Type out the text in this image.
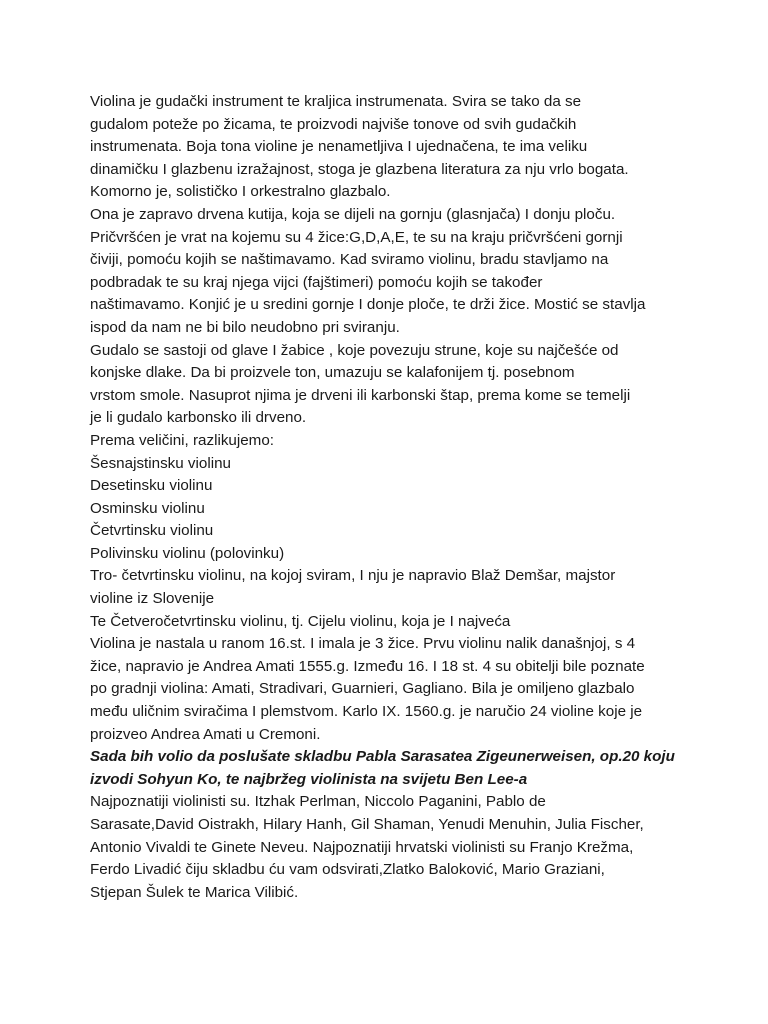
Violina je gudački instrument te kraljica instrumenata. Svira se tako da se
gudalom poteže po žicama, te proizvodi najviše tonove od svih gudačkih
instrumenata. Boja tona violine je nenametljiva I ujednačena, te ima veliku
dinamičku I glazbenu izražajnost, stoga je glazbena literatura za nju vrlo bogata.
Komorno je, solističko I orkestralno glazbalo.
Ona je zapravo drvena kutija, koja se dijeli na gornju (glasnjača) I donju ploču.
Pričvršćen je vrat na kojemu su 4 žice:G,D,A,E, te su na kraju pričvršćeni gornji
čiviji, pomoću kojih se naštimavamo. Kad sviramo violinu, bradu stavljamo na
podbradak te su kraj njega vijci (fajštimeri) pomoću kojih se također
naštimavamo. Konjić je u sredini gornje I donje ploče, te drži žice. Mostić se stavlja
ispod da nam ne bi bilo neudobno pri sviranju.
Gudalo se sastoji od glave I žabice , koje povezuju strune, koje su najčešće od
konjske dlake. Da bi proizvele ton, umazuju se kalafonijem tj. posebnom
vrstom smole. Nasuprot njima je drveni ili karbonski štap, prema kome se temelji
je li gudalo karbonsko ili drveno.
Prema veličini, razlikujemo:
Šesnajstinsku violinu
Desetinsku violinu
Osminsku violinu
Četvrtinsku violinu
Polivinsku violinu (polovinku)
Tro- četvrtinsku violinu, na kojoj sviram, I nju je napravio Blaž Demšar, majstor
violine iz Slovenije
Te Četveročetvrtinsku violinu, tj. Cijelu violinu, koja je I najveća
Violina je nastala u ranom 16.st. I imala je 3 žice. Prvu violinu nalik današnjoj, s 4
žice, napravio je Andrea Amati 1555.g. Između 16. I 18 st. 4 su obitelji bile poznate
po gradnji violina: Amati, Stradivari, Guarnieri, Gagliano. Bila je omiljeno glazbalo
među uličnim sviračima I plemstvom. Karlo IX. 1560.g. je naručio 24 violine koje je
proizveo Andrea Amati u Cremoni.
Sada bih volio da poslušate skladbu Pabla Sarasatea Zigeunerweisen, op.20 koju
izvodi Sohyun Ko, te najbržeg violinista na svijetu Ben Lee-a
Najpoznatiji violinisti su. Itzhak Perlman, Niccolo Paganini, Pablo de
Sarasate,David Oistrakh, Hilary Hanh, Gil Shaman, Yenudi Menuhin, Julia Fischer,
Antonio Vivaldi te Ginete Neveu. Najpoznatiji hrvatski violinisti su Franjo Krežma,
Ferdo Livadić čiju skladbu ću vam odsvirati,Zlatko Baloković, Mario Graziani,
Stjepan Šulek te Marica Vilibić.
